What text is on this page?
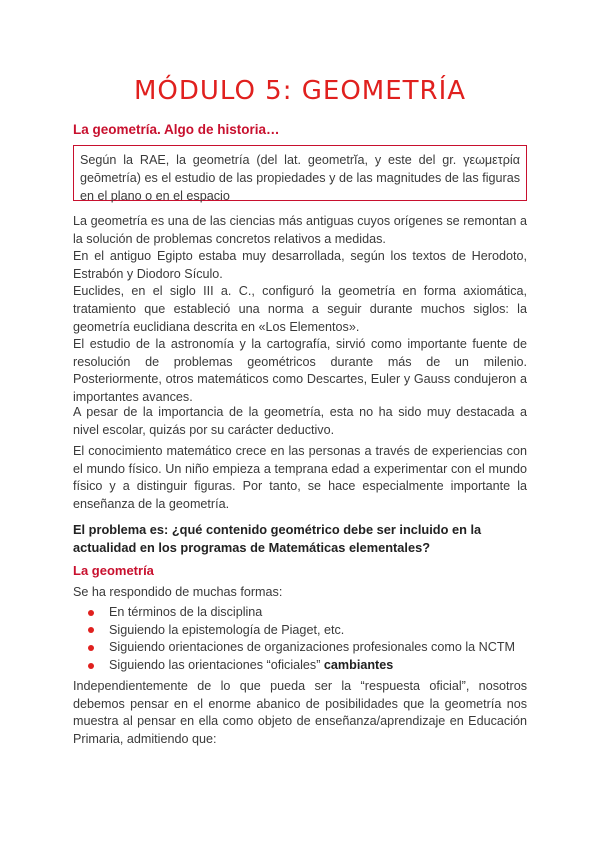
MÓDULO 5: GEOMETRÍA
La geometría. Algo de historia…
Según la RAE, la geometría (del lat. geometrĭa, y este del gr. γεωμετρία geōmetría) es el estudio de las propiedades y de las magnitudes de las figuras en el plano o en el espacio

La geometría es una de las ciencias más antiguas cuyos orígenes se remontan a la solución de problemas concretos relativos a medidas.

En el antiguo Egipto estaba muy desarrollada, según los textos de Herodoto, Estrabón y Diodoro Sículo.

Euclides, en el siglo III a. C., configuró la geometría en forma axiomática, tratamiento que estableció una norma a seguir durante muchos siglos: la geometría euclidiana descrita en «Los Elementos».

El estudio de la astronomía y la cartografía, sirvió como importante fuente de resolución de problemas geométricos durante más de un milenio. Posteriormente, otros matemáticos como Descartes, Euler y Gauss condujeron a importantes avances.

A pesar de la importancia de la geometría, esta no ha sido muy destacada a nivel escolar, quizás por su carácter deductivo.
El conocimiento matemático crece en las personas a través de experiencias con el mundo físico. Un niño empieza a temprana edad a experimentar con el mundo físico y a distinguir figuras. Por tanto, se hace especialmente importante la enseñanza de la geometría.
El problema es: ¿qué contenido geométrico debe ser incluido en la actualidad en los programas de Matemáticas elementales?
La geometría
Se ha respondido de muchas formas:
En términos de la disciplina
Siguiendo la epistemología de Piaget, etc.
Siguiendo orientaciones de organizaciones profesionales como la NCTM
Siguiendo las orientaciones “oficiales”
cambiantes
Independientemente de lo que pueda ser la “respuesta oficial”, nosotros debemos pensar en el enorme abanico de posibilidades que la geometría nos muestra al pensar en ella como objeto de enseñanza/aprendizaje en Educación Primaria, admitiendo que:
